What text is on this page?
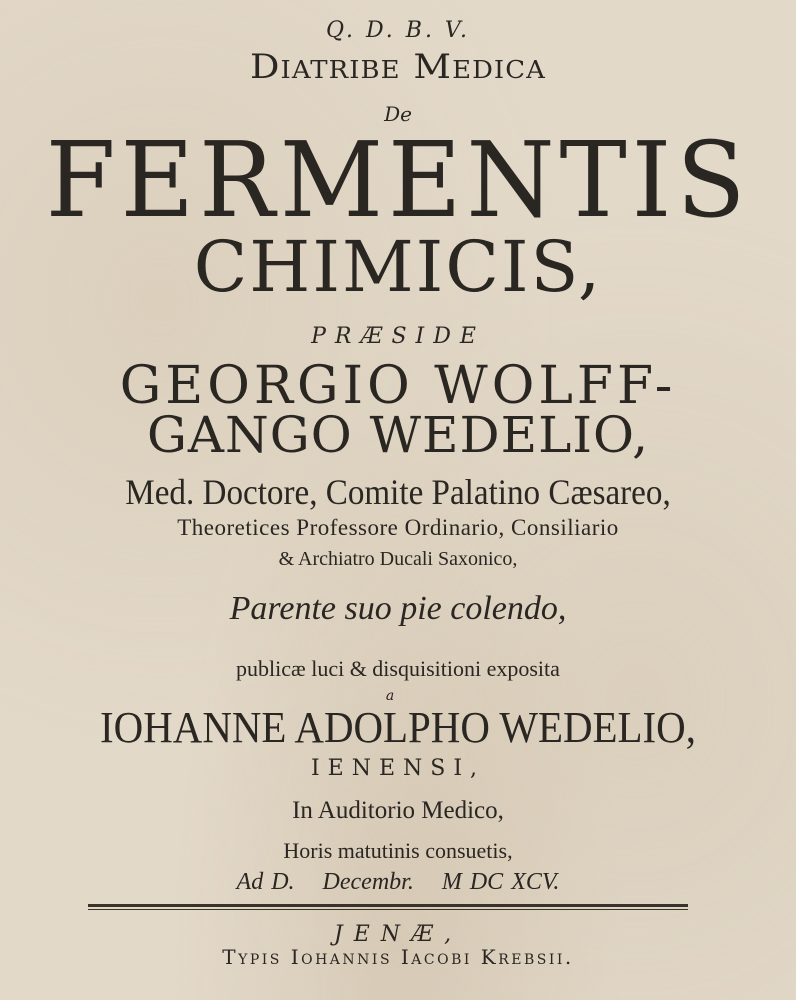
Q. D. B. V.

Diatribe Medica

De

FERMENTIS

CHIMICIS,

PRÆSIDE

GEORGIO WOLFF-

GANGO WEDELIO,

Med. Doctore, Comite Palatino Cæsareo,

Theoretices Professore Ordinario, Consiliario

& Archiatro Ducali Saxonico,

Parente suo pie colendo,

publicæ luci & disquisitioni exposita

a

IOHANNE ADOLPHO WEDELIO,

IENENSI,

In Auditorio Medico,

Horis matutinis consuetis,

Ad D. Decembr. M DC XCV.

JENÆ,

Typis Iohannis Iacobi Krebsii.
